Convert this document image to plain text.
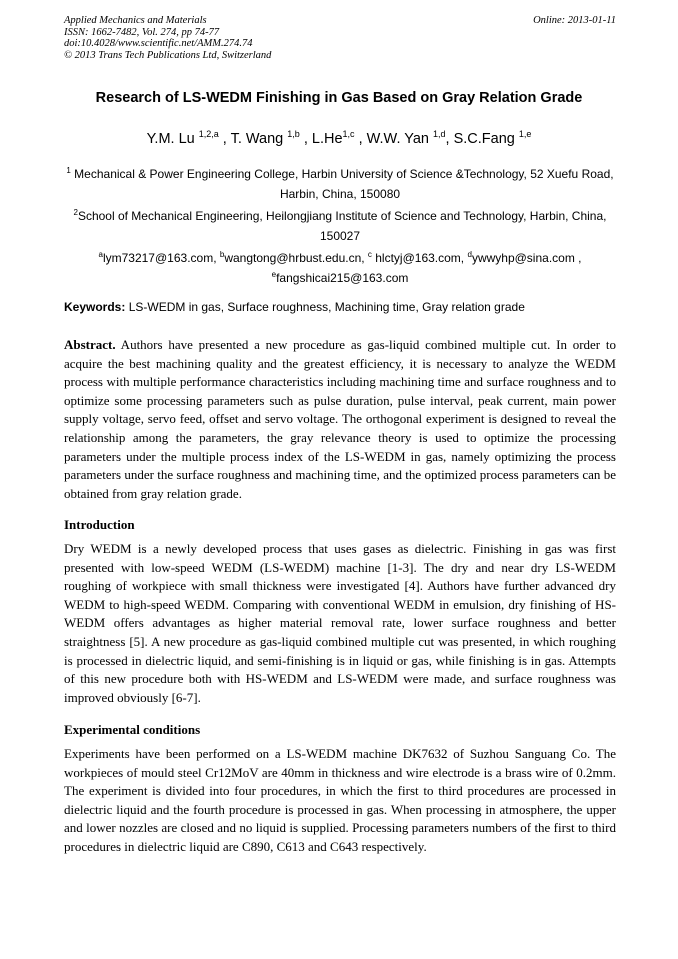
Applied Mechanics and Materials
ISSN: 1662-7482, Vol. 274, pp 74-77
doi:10.4028/www.scientific.net/AMM.274.74
© 2013 Trans Tech Publications Ltd, Switzerland
Online: 2013-01-11
Research of LS-WEDM Finishing in Gas Based on Gray Relation Grade
Y.M. Lu $^{1,2,a}$ , T. Wang $^{1,b}$ , L.He$^{1,c}$ , W.W. Yan $^{1,d}$, S.C.Fang $^{1,e}$
$^1$ Mechanical & Power Engineering College, Harbin University of Science &Technology, 52 Xuefu Road, Harbin, China, 150080
$^2$School of Mechanical Engineering, Heilongjiang Institute of Science and Technology, Harbin, China, 150027
$^a$lym73217@163.com, $^b$wangtong@hrbust.edu.cn, $^c$ hlctyj@163.com, $^d$ywwyhp@sina.com , $^e$fangshicai215@163.com
Keywords: LS-WEDM in gas, Surface roughness, Machining time, Gray relation grade
Abstract. Authors have presented a new procedure as gas-liquid combined multiple cut. In order to acquire the best machining quality and the greatest efficiency, it is necessary to analyze the WEDM process with multiple performance characteristics including machining time and surface roughness and to optimize some processing parameters such as pulse duration, pulse interval, peak current, main power supply voltage, servo feed, offset and servo voltage. The orthogonal experiment is designed to reveal the relationship among the parameters, the gray relevance theory is used to optimize the processing parameters under the multiple process index of the LS-WEDM in gas, namely optimizing the process parameters under the surface roughness and machining time, and the optimized process parameters can be obtained from gray relation grade.
Introduction
Dry WEDM is a newly developed process that uses gases as dielectric. Finishing in gas was first presented with low-speed WEDM (LS-WEDM) machine [1-3]. The dry and near dry LS-WEDM roughing of workpiece with small thickness were investigated [4]. Authors have further advanced dry WEDM to high-speed WEDM. Comparing with conventional WEDM in emulsion, dry finishing of HS-WEDM offers advantages as higher material removal rate, lower surface roughness and better straightness [5]. A new procedure as gas-liquid combined multiple cut was presented, in which roughing is processed in dielectric liquid, and semi-finishing is in liquid or gas, while finishing is in gas. Attempts of this new procedure both with HS-WEDM and LS-WEDM were made, and surface roughness was improved obviously [6-7].
Experimental conditions
Experiments have been performed on a LS-WEDM machine DK7632 of Suzhou Sanguang Co. The workpieces of mould steel Cr12MoV are 40mm in thickness and wire electrode is a brass wire of 0.2mm. The experiment is divided into four procedures, in which the first to third procedures are processed in dielectric liquid and the fourth procedure is processed in gas. When processing in atmosphere, the upper and lower nozzles are closed and no liquid is supplied. Processing parameters numbers of the first to third procedures in dielectric liquid are C890, C613 and C643 respectively.
